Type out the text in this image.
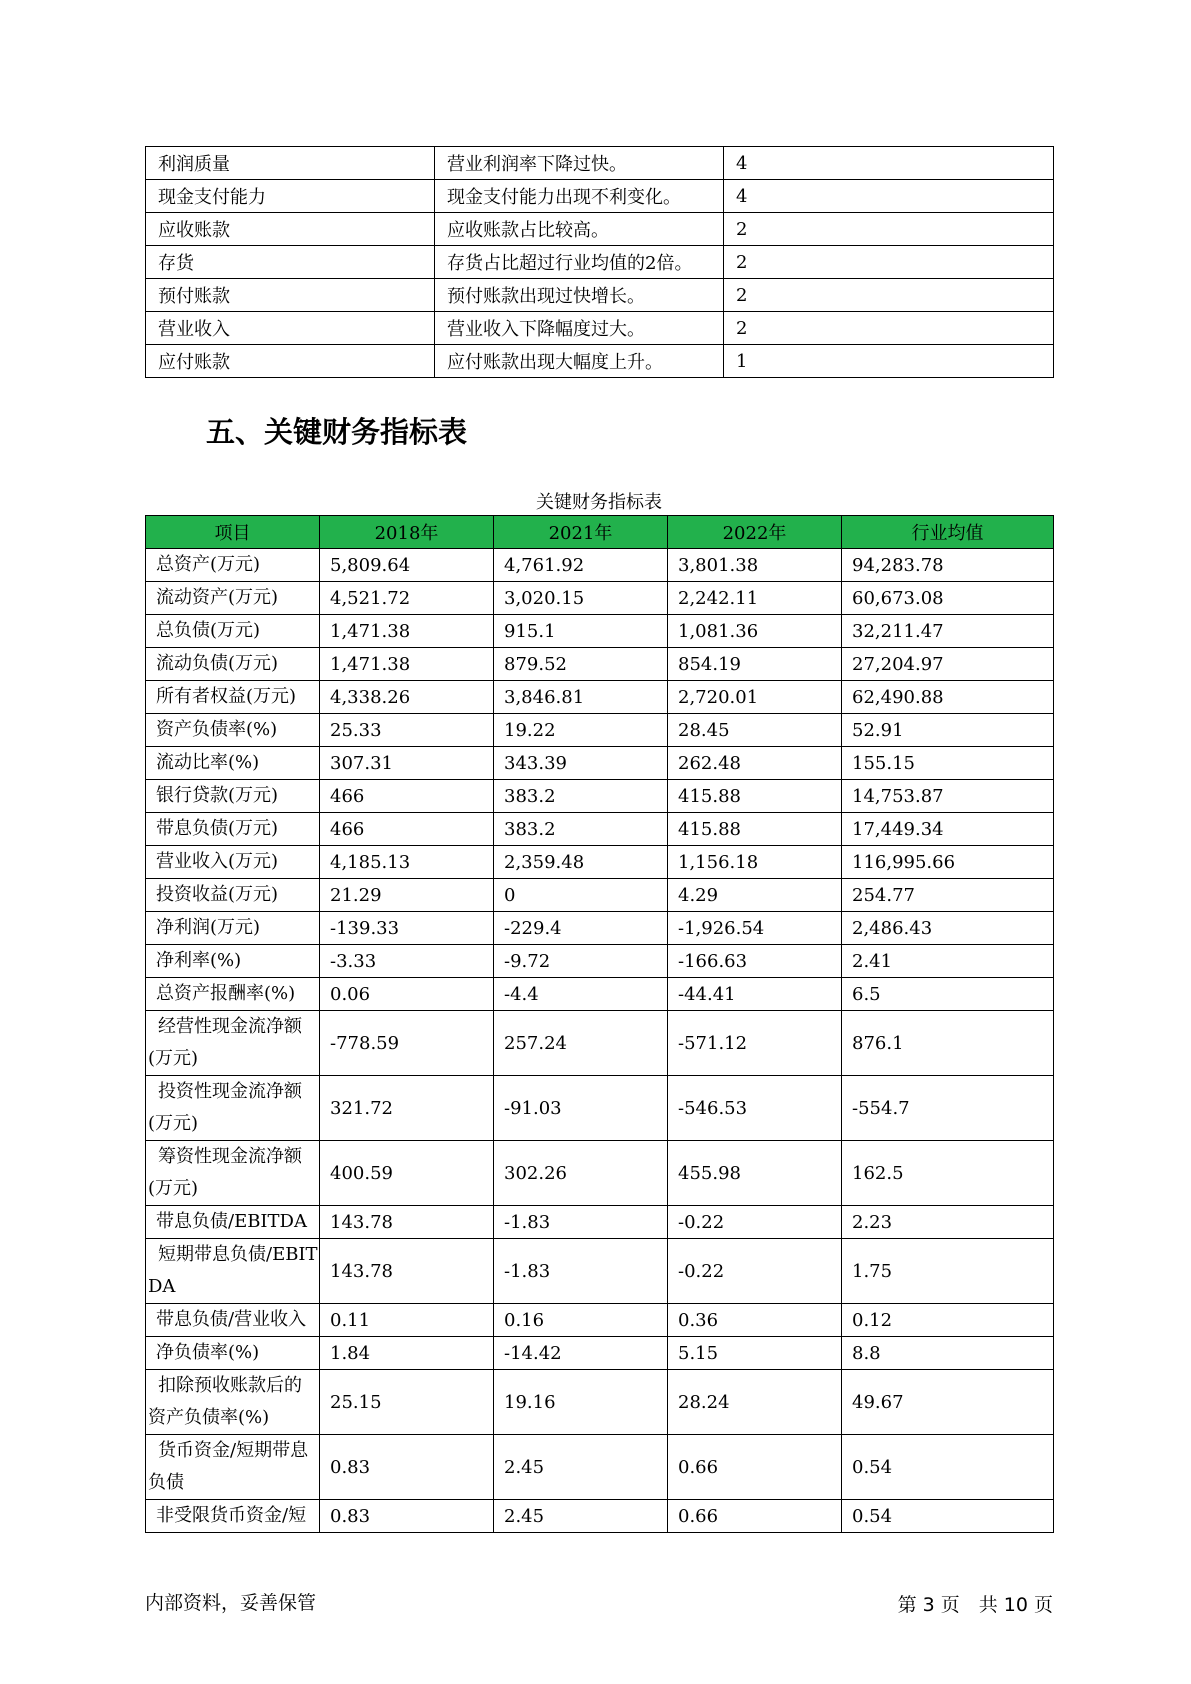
利润质量	营业利润率下降过快。	4
现金支付能力	现金支付能力出现不利变化。	4
应收账款	应收账款占比较高。	2
存货	存货占比超过行业均值的2倍。	2
预付账款	预付账款出现过快增长。	2
营业收入	营业收入下降幅度过大。	2
应付账款	应付账款出现大幅度上升。	1
五、关键财务指标表
关键财务指标表
项目	2018年	2021年	2022年	行业均值
总资产(万元)	5,809.64	4,761.92	3,801.38	94,283.78
流动资产(万元)	4,521.72	3,020.15	2,242.11	60,673.08
总负债(万元)	1,471.38	915.1	1,081.36	32,211.47
流动负债(万元)	1,471.38	879.52	854.19	27,204.97
所有者权益(万元)	4,338.26	3,846.81	2,720.01	62,490.88
资产负债率(%)	25.33	19.22	28.45	52.91
流动比率(%)	307.31	343.39	262.48	155.15
银行贷款(万元)	466	383.2	415.88	14,753.87
带息负债(万元)	466	383.2	415.88	17,449.34
营业收入(万元)	4,185.13	2,359.48	1,156.18	116,995.66
投资收益(万元)	21.29	0	4.29	254.77
净利润(万元)	-139.33	-229.4	-1,926.54	2,486.43
净利率(%)	-3.33	-9.72	-166.63	2.41
总资产报酬率(%)	0.06	-4.4	-44.41	6.5
经营性现金流净额(万元)	-778.59	257.24	-571.12	876.1
投资性现金流净额(万元)	321.72	-91.03	-546.53	-554.7
筹资性现金流净额(万元)	400.59	302.26	455.98	162.5
带息负债/EBITDA	143.78	-1.83	-0.22	2.23
短期带息负债/EBITDA	143.78	-1.83	-0.22	1.75
带息负债/营业收入	0.11	0.16	0.36	0.12
净负债率(%)	1.84	-14.42	5.15	8.8
扣除预收账款后的资产负债率(%)	25.15	19.16	28.24	49.67
货币资金/短期带息负债	0.83	2.45	0.66	0.54
非受限货币资金/短	0.83	2.45	0.66	0.54
内部资料，妥善保管	第 3 页　共 10 页
